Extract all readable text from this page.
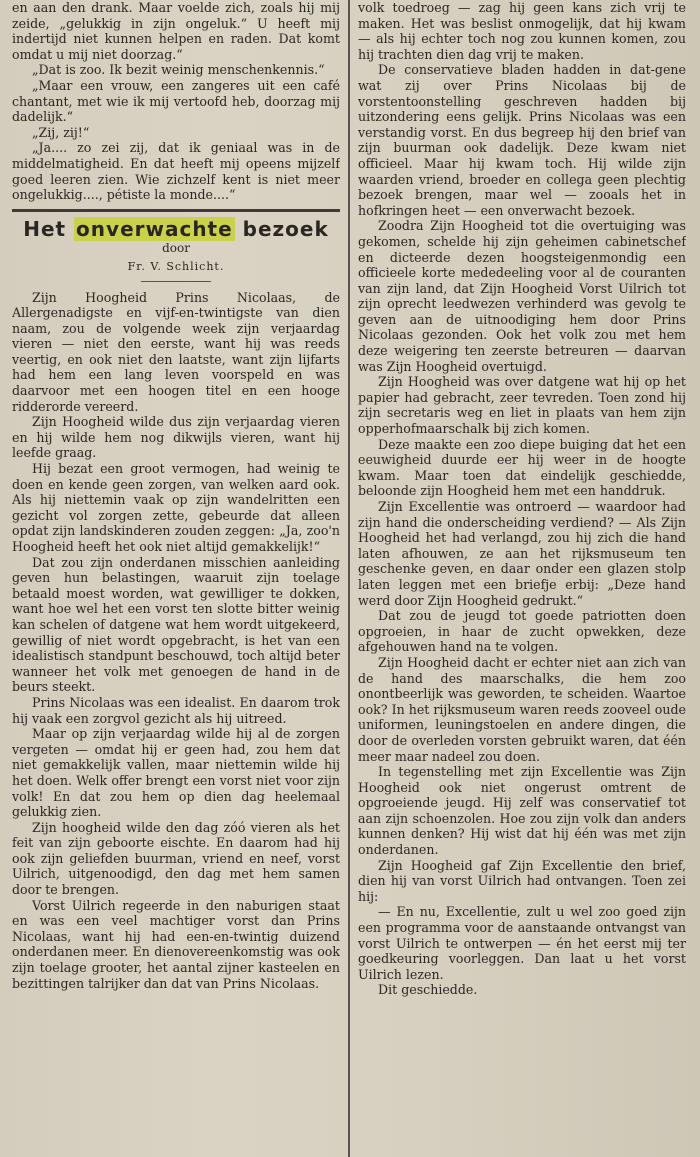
en aan den drank. Maar voelde zich, zoals hij mij zeide, „gelukkig in zijn ongeluk.“ U heeft mij indertijd niet kunnen helpen en raden. Dat komt omdat u mij niet doorzag.“

„Dat is zoo. Ik bezit weinig menschenkennis.“

„Maar een vrouw, een zangeres uit een café chantant, met wie ik mij vertoofd heb, doorzag mij dadelijk.“

„Zij, zij!“

„Ja.... zo zei zij, dat ik geniaal was in de middelmatigheid. En dat heeft mij opeens mijzelf goed leeren zien. Wie zichzelf kent is niet meer ongelukkig...., pétiste la monde....“

Het onverwachte bezoek
door
Fr. V. Schlicht.

Zijn Hoogheid Prins Nicolaas, de Allergenadigste en vijf-en-twintigste van dien naam, zou de volgende week zijn verjaardag vieren — niet den eerste, want hij was reeds veertig, en ook niet den laatste, want zijn lijfarts had hem een lang leven voorspeld en was daarvoor met een hoogen titel en een hooge ridderorde vereerd.

Zijn Hoogheid wilde dus zijn verjaardag vieren en hij wilde hem nog dikwijls vieren, want hij leefde graag.

Hij bezat een groot vermogen, had weinig te doen en kende geen zorgen, van welken aard ook. Als hij niettemin vaak op zijn wandelritten een gezicht vol zorgen zette, gebeurde dat alleen opdat zijn landskinderen zouden zeggen: „Ja, zoo'n Hoogheid heeft het ook niet altijd gemakkelijk!“

Dat zou zijn onderdanen misschien aanleiding geven hun belastingen, waaruit zijn toelage betaald moest worden, wat gewilliger te dokken, want hoe wel het een vorst ten slotte bitter weinig kan schelen of datgene wat hem wordt uitgekeerd, gewillig of niet wordt opgebracht, is het van een idealistisch standpunt beschouwd, toch altijd beter wanneer het volk met genoegen de hand in de beurs steekt.

Prins Nicolaas was een idealist. En daarom trok hij vaak een zorgvol gezicht als hij uitreed.

Maar op zijn verjaardag wilde hij al de zorgen vergeten — omdat hij er geen had, zou hem dat niet gemakkelijk vallen, maar niettemin wilde hij het doen. Welk offer brengt een vorst niet voor zijn volk! En dat zou hem op dien dag heelemaal gelukkig zien.

Zijn hoogheid wilde den dag zóó vieren als het feit van zijn geboorte eischte. En daarom had hij ook zijn geliefden buurman, vriend en neef, vorst Uilrich, uitgenoodigd, den dag met hem samen door te brengen.

Vorst Uilrich regeerde in den naburigen staat en was een veel machtiger vorst dan Prins Nicolaas, want hij had een-en-twintig duizend onderdanen meer. En dienovereenkomstig was ook zijn toelage grooter, het aantal zijner kasteelen en bezittingen talrijker dan dat van Prins Nicolaas.

volk toedroeg — zag hij geen kans zich vrij te maken. Het was beslist onmogelijk, dat hij kwam — als hij echter toch nog zou kunnen komen, zou hij trachten dien dag vrij te maken.

De conservatieve bladen hadden in dat-gene wat zij over Prins Nicolaas bij de vorstentoonstelling geschreven hadden bij uitzondering eens gelijk. Prins Nicolaas was een verstandig vorst. En dus begreep hij den brief van zijn buurman ook dadelijk. Deze kwam niet officieel. Maar hij kwam toch. Hij wilde zijn waarden vriend, broeder en collega geen plechtig bezoek brengen, maar wel — zooals het in hofkringen heet — een onverwacht bezoek.

Zoodra Zijn Hoogheid tot die overtuiging was gekomen, schelde hij zijn geheimen cabinetschef en dicteerde dezen hoogsteigenmondig een officieele korte mededeeling voor al de couranten van zijn land, dat Zijn Hoogheid Vorst Uilrich tot zijn oprecht leedwezen verhinderd was gevolg te geven aan de uitnoodiging hem door Prins Nicolaas gezonden. Ook het volk zou met hem deze weigering ten zeerste betreuren — daarvan was Zijn Hoogheid overtuigd.

Zijn Hoogheid was over datgene wat hij op het papier had gebracht, zeer tevreden. Toen zond hij zijn secretaris weg en liet in plaats van hem zijn opperhofmaarschalk bij zich komen.

Deze maakte een zoo diepe buiging dat het een eeuwigheid duurde eer hij weer in de hoogte kwam. Maar toen dat eindelijk geschiedde, beloonde zijn Hoogheid hem met een handdruk.

Zijn Excellentie was ontroerd — waardoor had zijn hand die onderscheiding verdiend? — Als Zijn Hoogheid het had verlangd, zou hij zich die hand laten afhouwen, ze aan het rijksmuseum ten geschenke geven, en daar onder een glazen stolp laten leggen met een briefje erbij: „Deze hand werd door Zijn Hoogheid gedrukt.“

Dat zou de jeugd tot goede patriotten doen opgroeien, in haar de zucht opwekken, deze afgehouwen hand na te volgen.

Zijn Hoogheid dacht er echter niet aan zich van de hand des maarschalks, die hem zoo onontbeerlijk was geworden, te scheiden. Waartoe ook? In het rijksmuseum waren reeds zooveel oude uniformen, leuningstoelen en andere dingen, die door de overleden vorsten gebruikt waren, dat één meer maar nadeel zou doen.

In tegenstelling met zijn Excellentie was Zijn Hoogheid ook niet ongerust omtrent de opgroeiende jeugd. Hij zelf was conservatief tot aan zijn schoenzolen. Hoe zou zijn volk dan anders kunnen denken? Hij wist dat hij één was met zijn onderdanen.

Zijn Hoogheid gaf Zijn Excellentie den brief, dien hij van vorst Uilrich had ontvangen. Toen zei hij:

— En nu, Excellentie, zult u wel zoo goed zijn een programma voor de aanstaande ontvangst van vorst Uilrich te ontwerpen — én het eerst mij ter goedkeuring voorleggen. Dan laat u het vorst Uilrich lezen.

Dit geschiedde.
